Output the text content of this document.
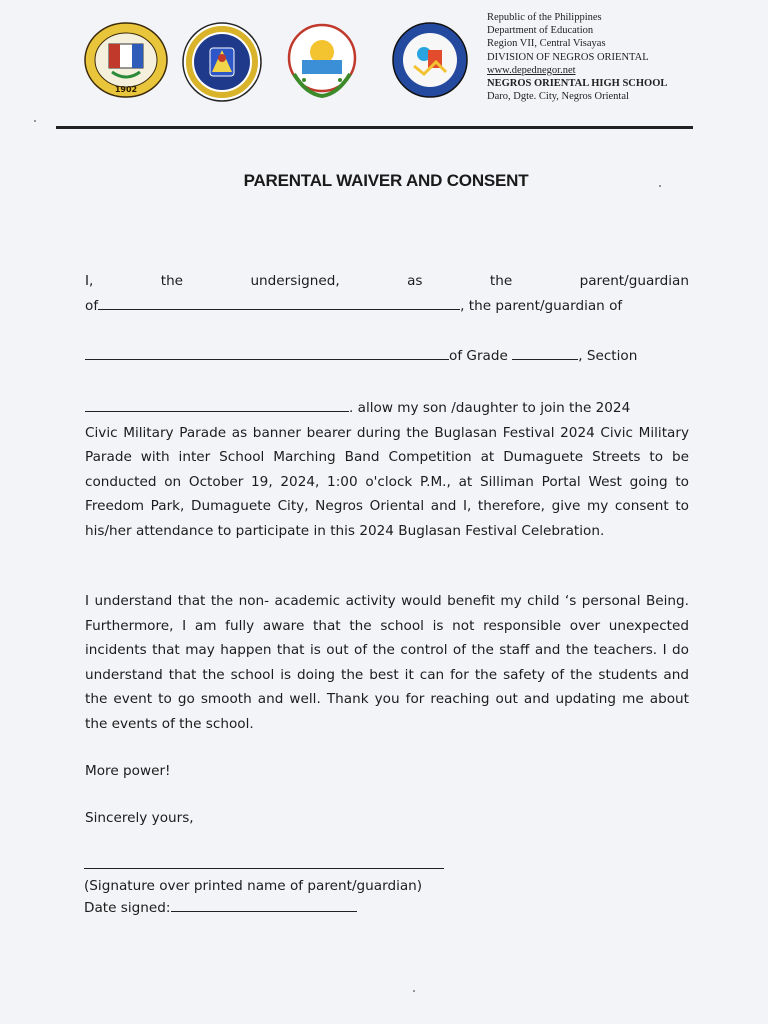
1902
Republic of the Philippines
Department of Education
Region VII, Central Visayas
DIVISION OF NEGROS ORIENTAL
www.depednegor.net
NEGROS ORIENTAL HIGH SCHOOL
Daro, Dgte. City, Negros Oriental
PARENTAL WAIVER AND CONSENT
I,	the	undersigned,	as	the	parent/guardian
of	, the parent/guardian of
of Grade	, Section
. allow my son /daughter to join the 2024
Civic Military Parade as banner bearer during the Buglasan Festival 2024 Civic Military Parade with inter School Marching Band Competition at Dumaguete Streets to be conducted on October 19, 2024, 1:00 o'clock P.M., at Silliman Portal West going to Freedom Park, Dumaguete City, Negros Oriental and I, therefore, give my consent to his/her attendance to participate in this 2024 Buglasan Festival Celebration.
I understand that the non- academic activity would benefit my child ‘s personal Being. Furthermore, I am fully aware that the school is not responsible over unexpected incidents that may happen that is out of the control of the staff and the teachers. I do understand that the school is doing the best it can for the safety of the students and the event to go smooth and well. Thank you for reaching out and updating me about the events of the school.
More power!
Sincerely yours,
(Signature over printed name of parent/guardian)
Date signed:
